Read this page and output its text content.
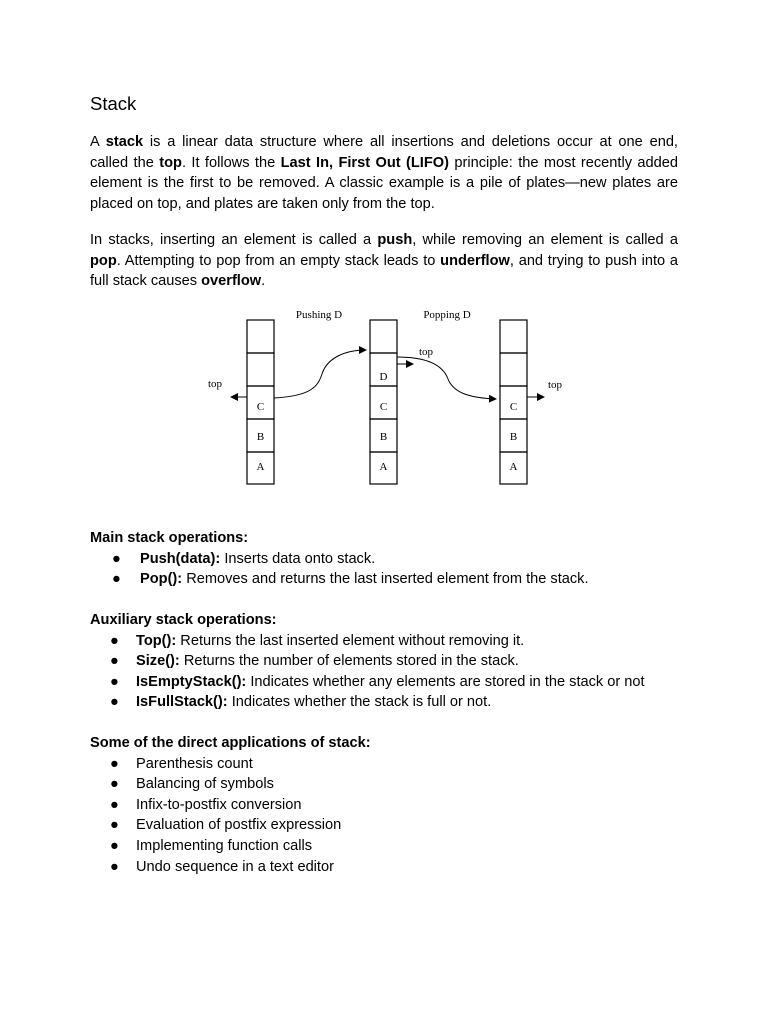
Stack

A stack is a linear data structure where all insertions and deletions occur at one end, called the top. It follows the Last In, First Out (LIFO) principle: the most recently added element is the first to be removed. A classic example is a pile of plates—new plates are placed on top, and plates are taken only from the top.

In stacks, inserting an element is called a push, while removing an element is called a pop. Attempting to pop from an empty stack leads to underflow, and trying to push into a full stack causes overflow.

Pushing D	Popping D
C
B
A
D
C
B
A
C
B
A
top
top
top

Main stack operations:

● Push(data): Inserts data onto stack.
● Pop(): Removes and returns the last inserted element from the stack.

Auxiliary stack operations:

● Top(): Returns the last inserted element without removing it.
● Size(): Returns the number of elements stored in the stack.
● IsEmptyStack(): Indicates whether any elements are stored in the stack or not
● IsFullStack(): Indicates whether the stack is full or not.

Some of the direct applications of stack:

● Parenthesis count
● Balancing of symbols
● Infix-to-postfix conversion
● Evaluation of postfix expression
● Implementing function calls
● Undo sequence in a text editor
